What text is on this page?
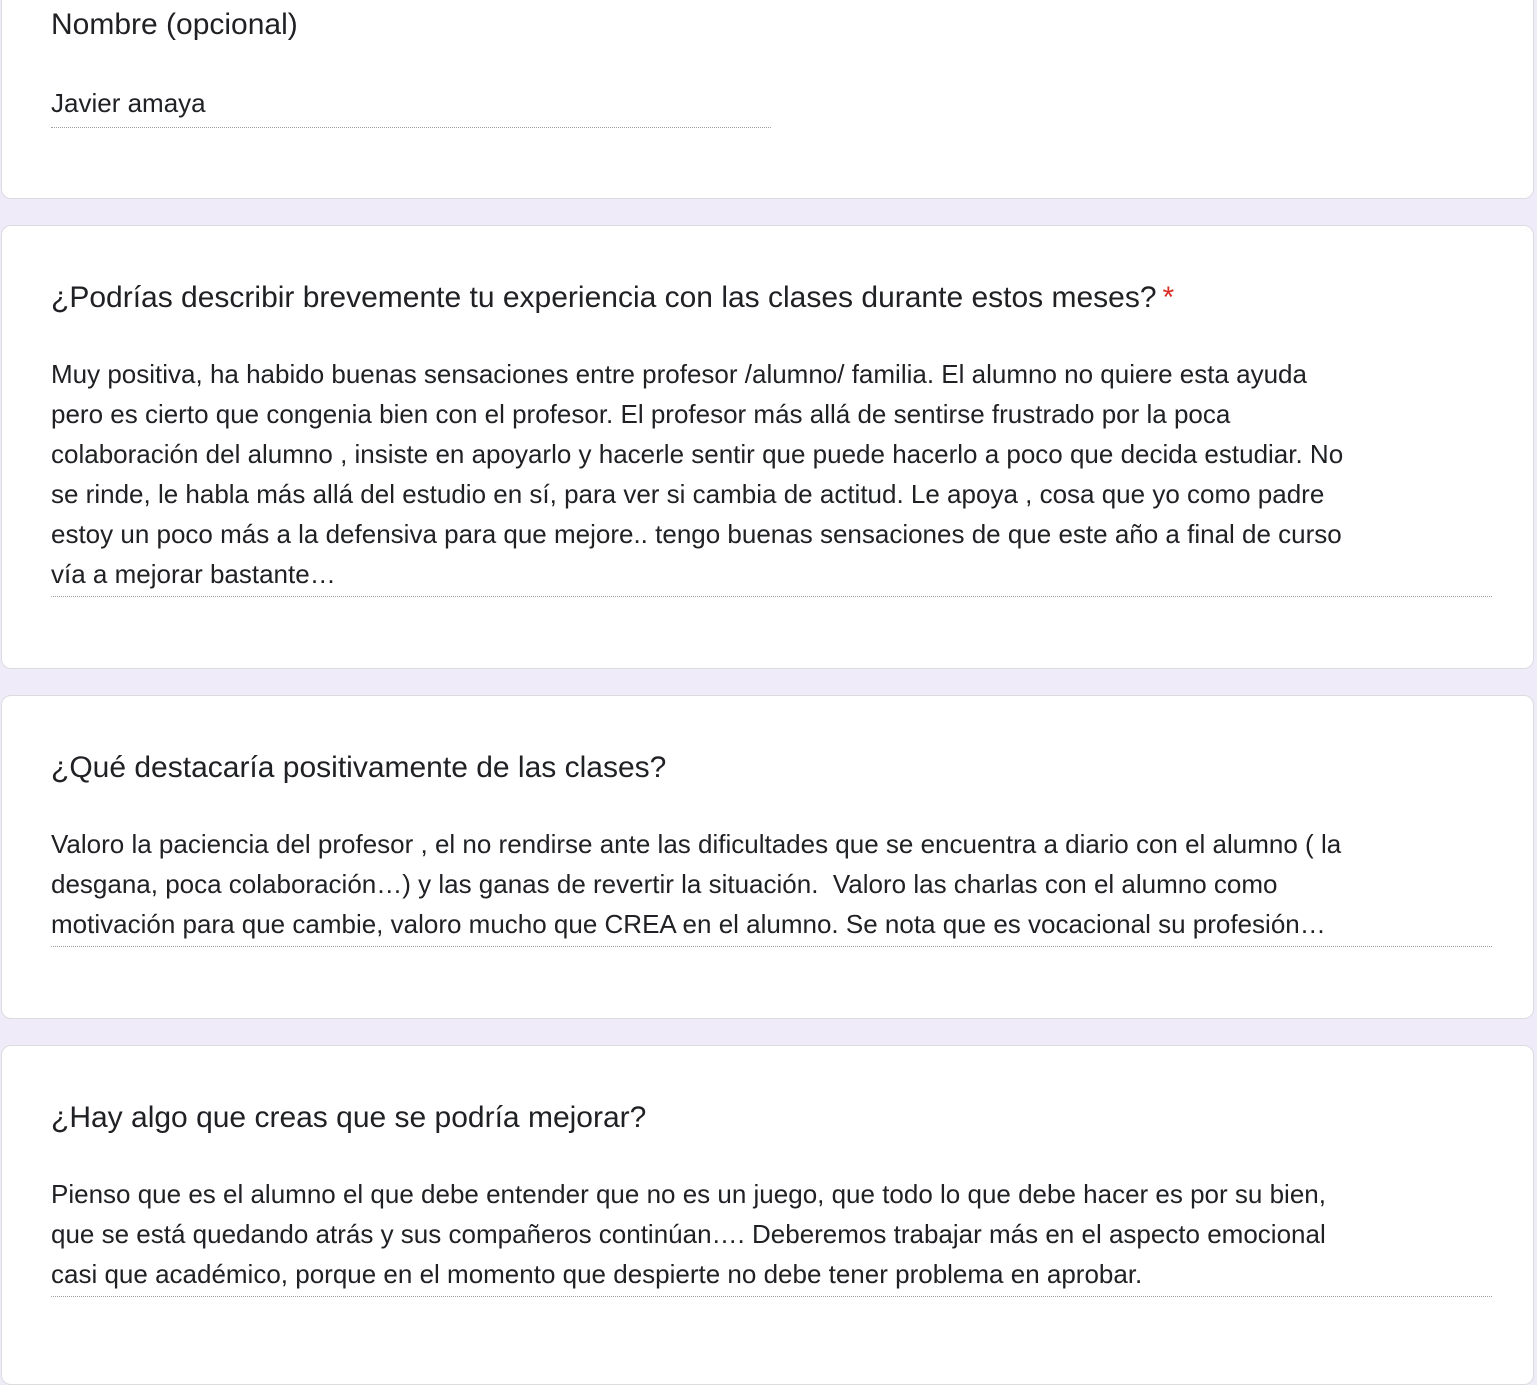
Nombre (opcional)
Javier amaya
¿Podrías describir brevemente tu experiencia con las clases durante estos meses? *
Muy positiva, ha habido buenas sensaciones entre profesor /alumno/ familia. El alumno no quiere esta ayuda
pero es cierto que congenia bien con el profesor. El profesor más allá de sentirse frustrado por la poca
colaboración del alumno , insiste en apoyarlo y hacerle sentir que puede hacerlo a poco que decida estudiar. No
se rinde, le habla más allá del estudio en sí, para ver si cambia de actitud. Le apoya , cosa que yo como padre
estoy un poco más a la defensiva para que mejore.. tengo buenas sensaciones de que este año a final de curso
vía a mejorar bastante…
¿Qué destacaría positivamente de las clases?
Valoro la paciencia del profesor , el no rendirse ante las dificultades que se encuentra a diario con el alumno ( la
desgana, poca colaboración…) y las ganas de revertir la situación.  Valoro las charlas con el alumno como
motivación para que cambie, valoro mucho que CREA en el alumno. Se nota que es vocacional su profesión…
¿Hay algo que creas que se podría mejorar?
Pienso que es el alumno el que debe entender que no es un juego, que todo lo que debe hacer es por su bien,
que se está quedando atrás y sus compañeros continúan…. Deberemos trabajar más en el aspecto emocional
casi que académico, porque en el momento que despierte no debe tener problema en aprobar.
